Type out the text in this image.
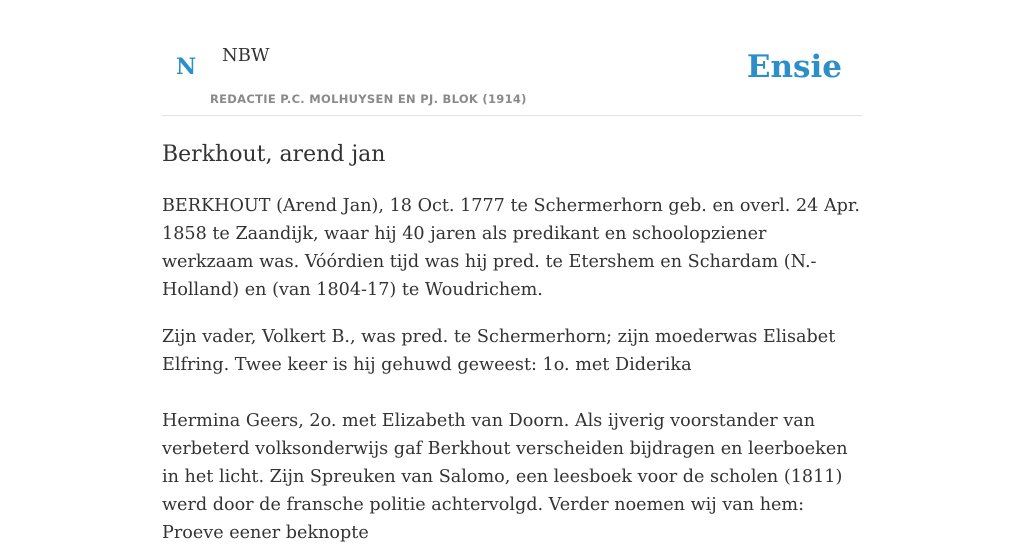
N NBW
REDACTIE P.C. MOLHUYSEN EN PJ. BLOK (1914)
Ensie
Berkhout, arend jan

BERKHOUT (Arend Jan), 18 Oct. 1777 te Schermerhorn geb. en overl. 24 Apr. 1858 te Zaandijk, waar hij 40 jaren als predikant en schoolopziener werkzaam was. Vóórdien tijd was hij pred. te Etershem en Schardam (N.-Holland) en (van 1804-17) te Woudrichem.

Zijn vader, Volkert B., was pred. te Schermerhorn; zijn moederwas Elisabet Elfring. Twee keer is hij gehuwd geweest: 1o. met Diderika

Hermina Geers, 2o. met Elizabeth van Doorn. Als ijverig voorstander van verbeterd volksonderwijs gaf Berkhout verscheiden bijdragen en leerboeken in het licht. Zijn Spreuken van Salomo, een leesboek voor de scholen (1811) werd door de fransche politie achtervolgd. Verder noemen wij van hem: Proeve eener beknopte
